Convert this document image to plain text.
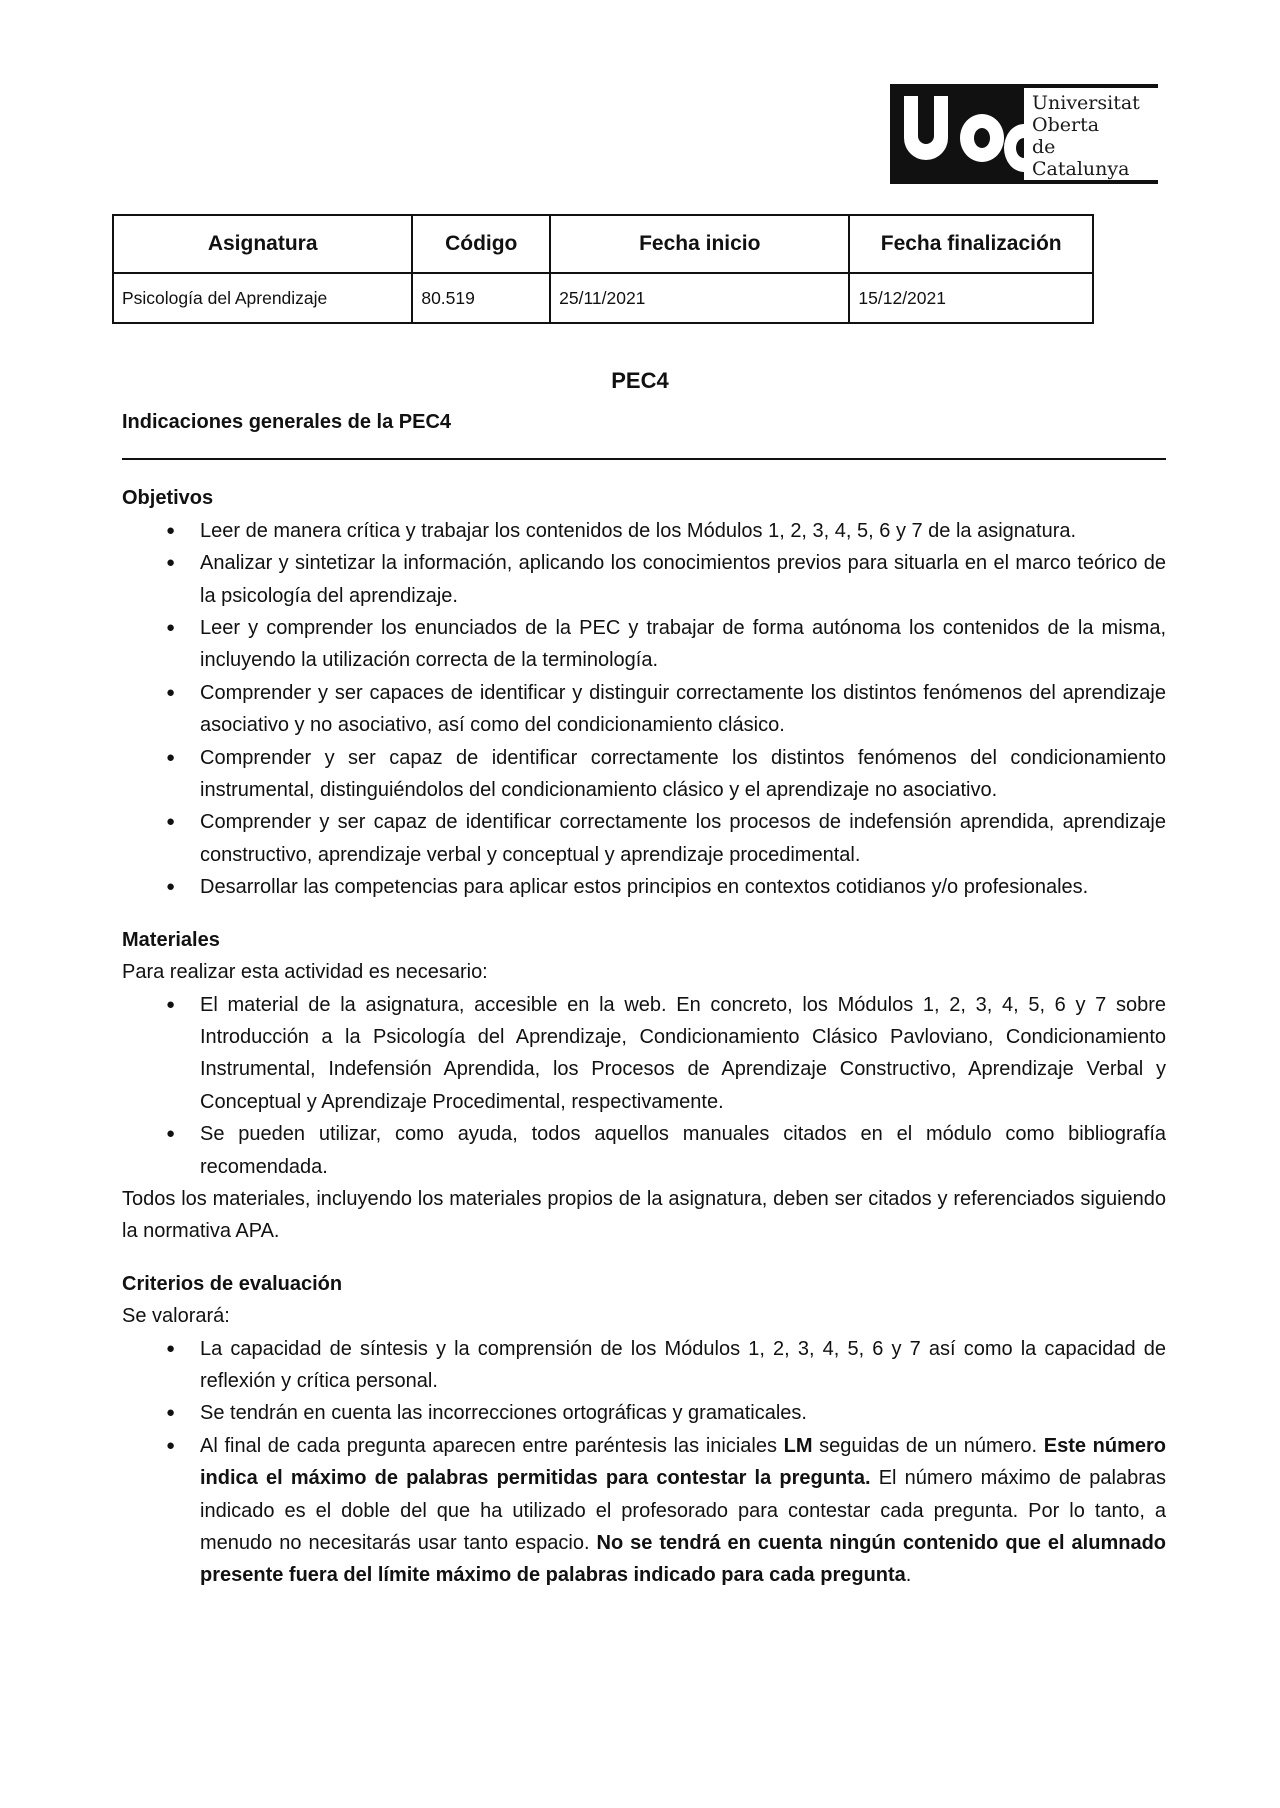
Universitat
Oberta
de Catalunya
Asignatura	Código	Fecha inicio	Fecha finalización
Psicología del Aprendizaje	80.519	25/11/2021	15/12/2021
PEC4
Indicaciones generales de la PEC4
Objetivos
● Leer de manera crítica y trabajar los contenidos de los Módulos 1, 2, 3, 4, 5, 6 y 7 de la asignatura.
● Analizar y sintetizar la información, aplicando los conocimientos previos para situarla en el marco teórico de la psicología del aprendizaje.
● Leer y comprender los enunciados de la PEC y trabajar de forma autónoma los contenidos de la misma, incluyendo la utilización correcta de la terminología.
● Comprender y ser capaces de identificar y distinguir correctamente los distintos fenómenos del aprendizaje asociativo y no asociativo, así como del condicionamiento clásico.
● Comprender y ser capaz de identificar correctamente los distintos fenómenos del condicionamiento instrumental, distinguiéndolos del condicionamiento clásico y el aprendizaje no asociativo.
● Comprender y ser capaz de identificar correctamente los procesos de indefensión aprendida, aprendizaje constructivo, aprendizaje verbal y conceptual y aprendizaje procedimental.
● Desarrollar las competencias para aplicar estos principios en contextos cotidianos y/o profesionales.
Materiales

Para realizar esta actividad es necesario:

● El material de la asignatura, accesible en la web. En concreto, los Módulos 1, 2, 3, 4, 5, 6 y 7 sobre Introducción a la Psicología del Aprendizaje, Condicionamiento Clásico Pavloviano, Condicionamiento Instrumental, Indefensión Aprendida, los Procesos de Aprendizaje Constructivo, Aprendizaje Verbal y Conceptual y Aprendizaje Procedimental, respectivamente.
● Se pueden utilizar, como ayuda, todos aquellos manuales citados en el módulo como bibliografía recomendada.

Todos los materiales, incluyendo los materiales propios de la asignatura, deben ser citados y referenciados siguiendo la normativa APA.

Criterios de evaluación

Se valorará:

● La capacidad de síntesis y la comprensión de los Módulos 1, 2, 3, 4, 5, 6 y 7 así como la capacidad de reflexión y crítica personal.
● Se tendrán en cuenta las incorrecciones ortográficas y gramaticales.
● Al final de cada pregunta aparecen entre paréntesis las iniciales LM seguidas de un número. Este número indica el máximo de palabras permitidas para contestar la pregunta. El número máximo de palabras indicado es el doble del que ha utilizado el profesorado para contestar cada pregunta. Por lo tanto, a menudo no necesitarás usar tanto espacio. No se tendrá en cuenta ningún contenido que el alumnado presente fuera del límite máximo de palabras indicado para cada pregunta.
